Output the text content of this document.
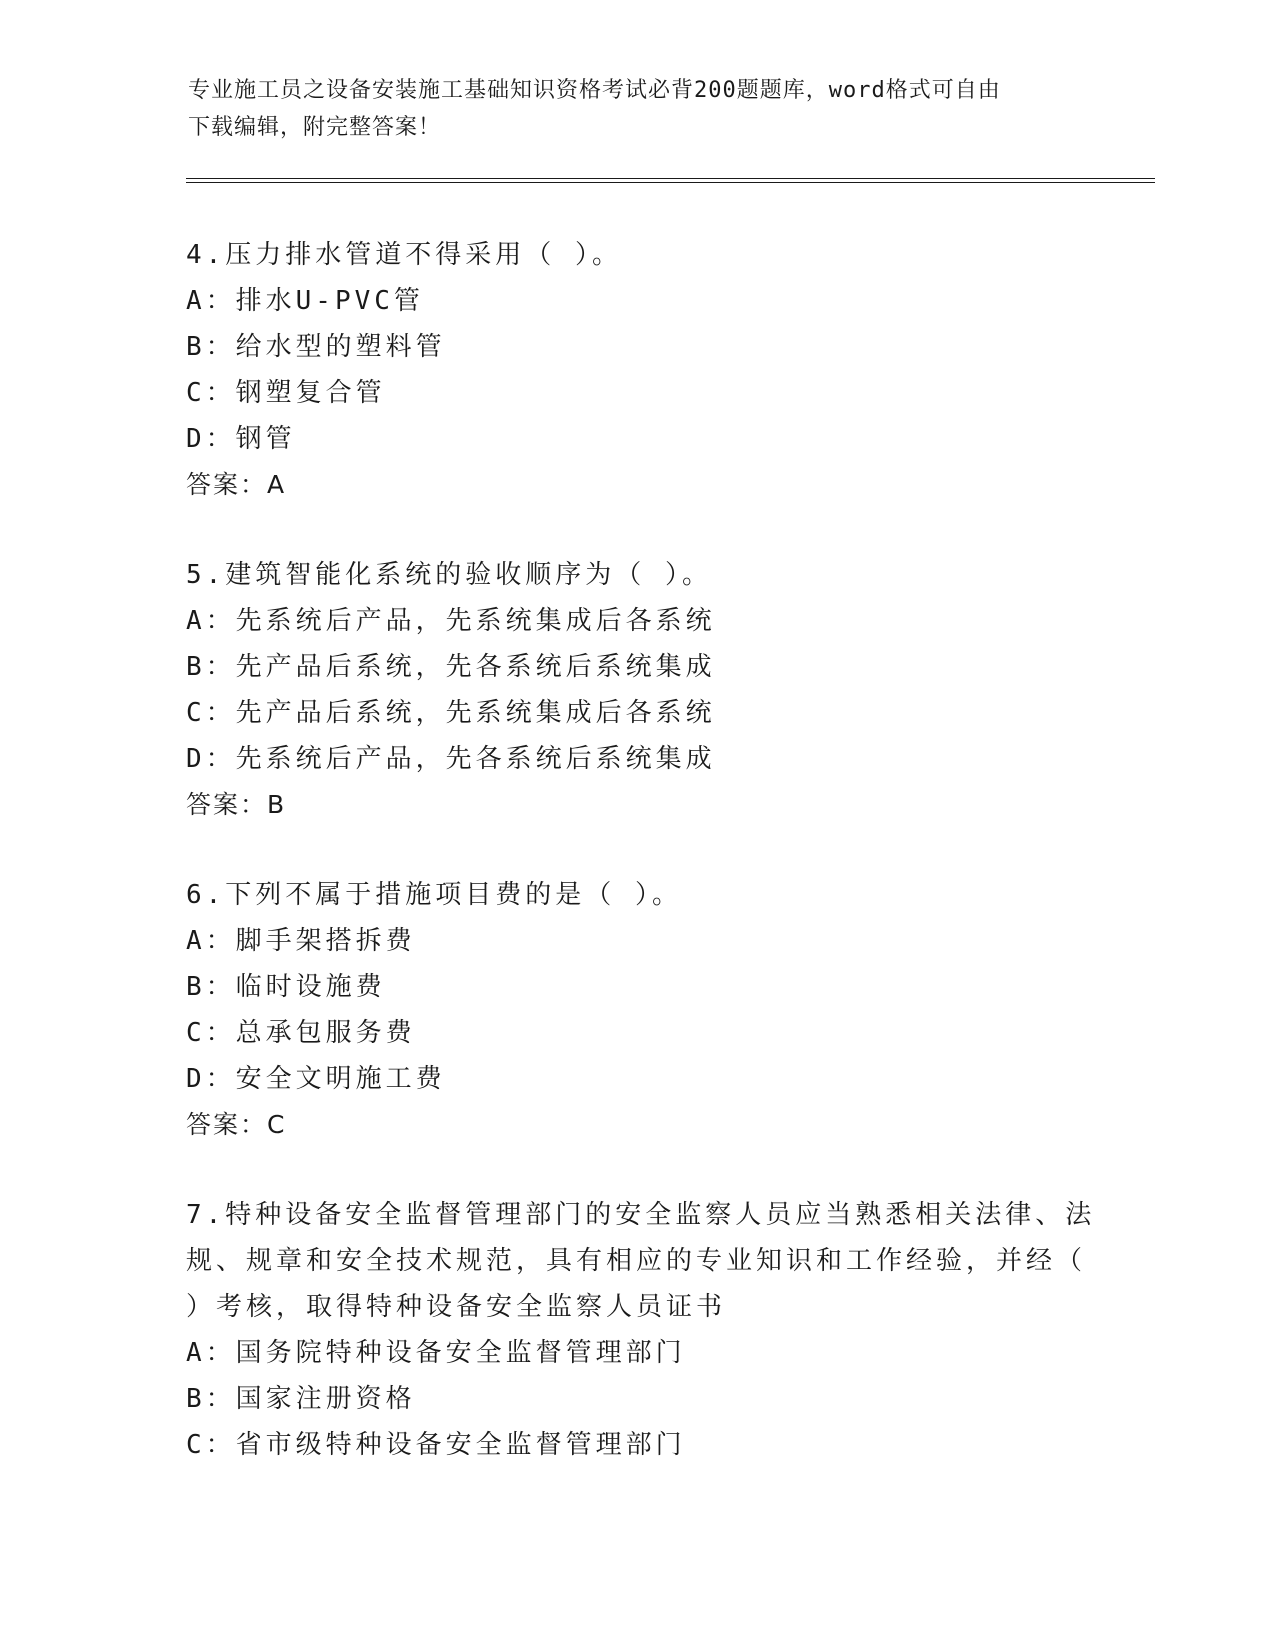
专业施工员之设备安装施工基础知识资格考试必背200题题库，word格式可自由
下载编辑，附完整答案！
4.压力排水管道不得采用（ ）。
A：排水U-PVC管
B：给水型的塑料管
C：钢塑复合管
D：钢管
答案：A
5.建筑智能化系统的验收顺序为（ ）。
A：先系统后产品，先系统集成后各系统
B：先产品后系统，先各系统后系统集成
C：先产品后系统，先系统集成后各系统
D：先系统后产品，先各系统后系统集成
答案：B
6.下列不属于措施项目费的是（ ）。
A：脚手架搭拆费
B：临时设施费
C：总承包服务费
D：安全文明施工费
答案：C
7.特种设备安全监督管理部门的安全监察人员应当熟悉相关法律、法
规、规章和安全技术规范，具有相应的专业知识和工作经验，并经（
）考核，取得特种设备安全监察人员证书
A：国务院特种设备安全监督管理部门
B：国家注册资格
C：省市级特种设备安全监督管理部门
